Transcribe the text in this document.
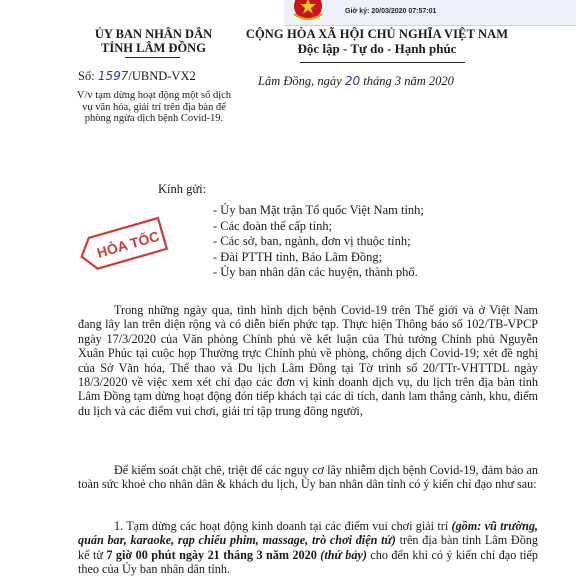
Giờ ký: 20/03/2020 07:57:01
ỦY BAN NHÂN DÂN
TỈNH LÂM ĐỒNG
CỘNG HÒA XÃ HỘI CHỦ NGHĨA VIỆT NAM
Độc lập - Tự do - Hạnh phúc
Số: 1597/UBND-VX2	Lâm Đồng, ngày 20 tháng 3 năm 2020
V/v tạm dừng hoạt động một số dịch vụ văn hóa, giải trí trên địa bàn để phòng ngừa dịch bệnh Covid-19.
Kính gửi:
- Ủy ban Mặt trận Tổ quốc Việt Nam tỉnh;
- Các đoàn thể cấp tỉnh;
- Các sở, ban, ngành, đơn vị thuộc tỉnh;
- Đài PTTH tỉnh, Báo Lâm Đồng;
- Ủy ban nhân dân các huyện, thành phố.
HỎA TỐC
Trong những ngày qua, tình hình dịch bệnh Covid-19 trên Thế giới và ở Việt Nam đang lây lan trên diện rộng và có diễn biến phức tạp. Thực hiện Thông báo số 102/TB-VPCP ngày 17/3/2020 của Văn phòng Chính phủ về kết luận của Thủ tướng Chính phủ Nguyễn Xuân Phúc tại cuộc họp Thường trực Chính phủ về phòng, chống dịch Covid-19; xét đề nghị của Sở Văn hóa, Thể thao và Du lịch Lâm Đồng tại Tờ trình số 20/TTr-VHTTDL ngày 18/3/2020 về việc xem xét chỉ đạo các đơn vị kinh doanh dịch vụ, du lịch trên địa bàn tỉnh Lâm Đồng tạm dừng hoạt động đón tiếp khách tại các di tích, danh lam thắng cảnh, khu, điểm du lịch và các điểm vui chơi, giải trí tập trung đông người,
Để kiểm soát chặt chẽ, triệt để các nguy cơ lây nhiễm dịch bệnh Covid-19, đảm bảo an toàn sức khoẻ cho nhân dân & khách du lịch, Ủy ban nhân dân tỉnh có ý kiến chỉ đạo như sau:
1. Tạm dừng các hoạt động kinh doanh tại các điểm vui chơi giải trí (gồm: vũ trường, quán bar, karaoke, rạp chiếu phim, massage, trò chơi điện tử) trên địa bàn tỉnh Lâm Đồng kể từ 7 giờ 00 phút ngày 21 tháng 3 năm 2020 (thứ bảy) cho đến khi có ý kiến chỉ đạo tiếp theo của Ủy ban nhân dân tỉnh.
